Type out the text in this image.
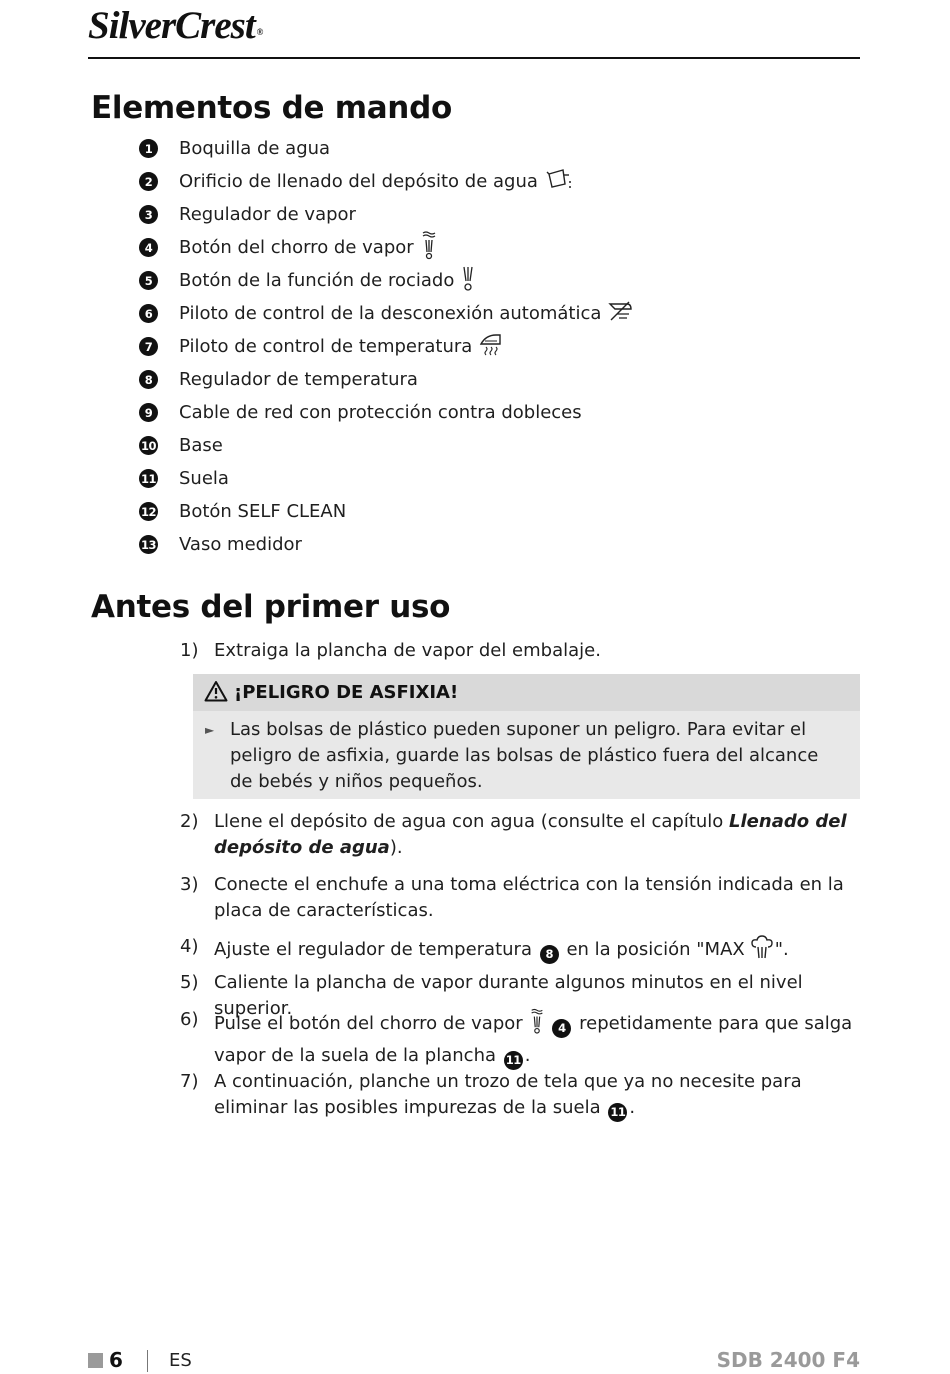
SilverCrest ®
Elementos de mando
1	Boquilla de agua
2	Orificio de llenado del depósito de agua
3	Regulador de vapor
4	Botón del chorro de vapor
5	Botón de la función de rociado
6	Piloto de control de la desconexión automática
7	Piloto de control de temperatura
8	Regulador de temperatura
9	Cable de red con protección contra dobleces
10 Base
11 Suela
12 Botón SELF CLEAN
13 Vaso medidor
Antes del primer uso
1) Extraiga la plancha de vapor del embalaje.
¡PELIGRO DE ASFIXIA!
► Las bolsas de plástico pueden suponer un peligro. Para evitar el peligro de asfixia, guarde las bolsas de plástico fuera del alcance de bebés y niños pequeños.
2) Llene el depósito de agua con agua (consulte el capítulo Llenado del depósito de agua).
3) Conecte el enchufe a una toma eléctrica con la tensión indicada en la placa de características.
4) Ajuste el regulador de temperatura 8 en la posición "MAX ".
5) Caliente la plancha de vapor durante algunos minutos en el nivel superior.
6) Pulse el botón del chorro de vapor	4 repetidamente para que salga vapor de la suela de la plancha 11 .
7) A continuación, planche un trozo de tela que ya no necesite para eliminar las posibles impurezas de la suela 11 .
6	ES	SDB 2400 F4
